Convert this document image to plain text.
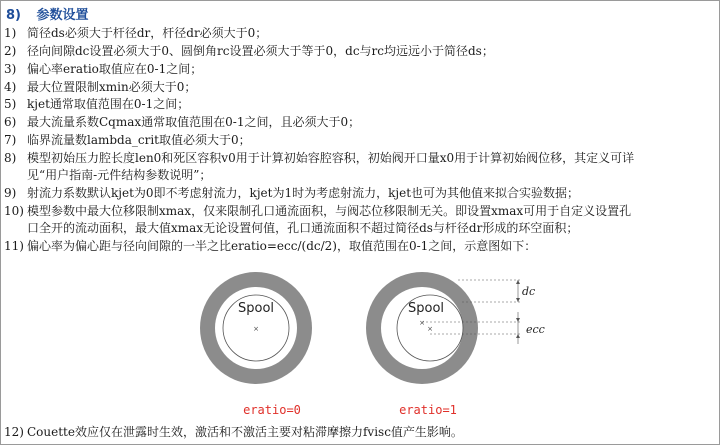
8) 参数设置
1) 简径ds必须大于杆径dr，杆径dr必须大于0；
2) 径向间隙dc设置必须大于0、圆倒角rc设置必须大于等于0，dc与rc均远远小于简径ds；
3) 偏心率eratio取值应在0-1之间；
4) 最大位置限制xmin必须大于0；
5) kjet通常取值范围在0-1之间；
6) 最大流量系数Cqmax通常取值范围在0-1之间，且必须大于0；
7) 临界流量数lambda_crit取值必须大于0；
8) 模型初始压力腔长度len0和死区容积v0用于计算初始容腔容积，初始阀开口量x0用于计算初始阀位移，其定义可详
见“用户指南-元件结构参数说明”；
9) 射流力系数默认kjet为0即不考虑射流力，kjet为1时为考虑射流力，kjet也可为其他值来拟合实验数据；
10) 模型参数中最大位移限制xmax，仅来限制孔口通流面积，与阀芯位移限制无关。即设置xmax可用于自定义设置孔
口全开的流动面积，最大值xmax无论设置何值，孔口通流面积不超过简径ds与杆径dr形成的环空面积；
11) 偏心率为偏心距与径向间隙的一半之比eratio=ecc/(dc/2)，取值范围在0-1之间，示意图如下：
12) Couette效应仅在泄露时生效，激活和不激活主要对粘滞摩擦力fvisc值产生影响。
Spool
×
eratio=0
Spool
×
×
dc
ecc
eratio=1
